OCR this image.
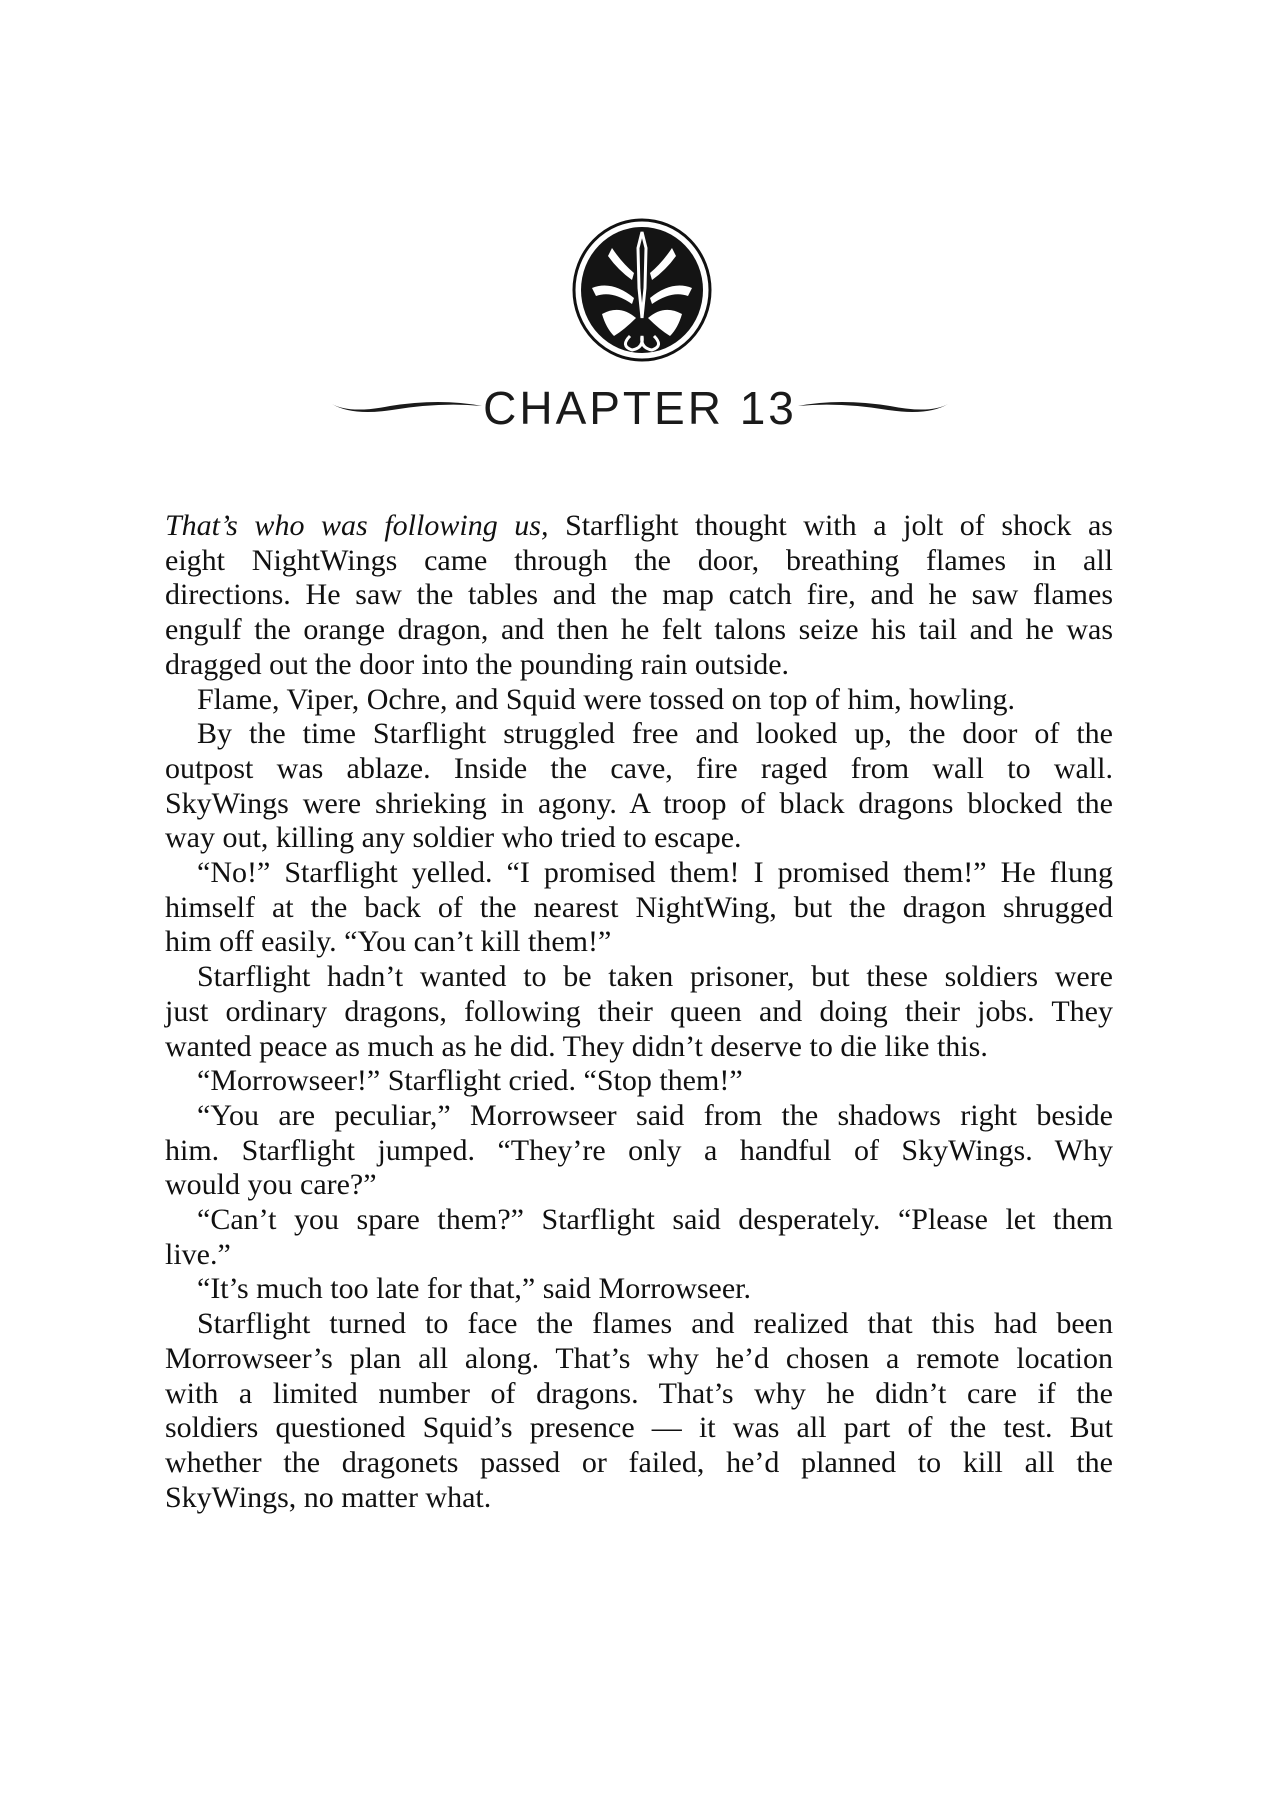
CHAPTER 13
That’s who was following us, Starflight thought with a jolt of shock as
eight NightWings came through the door, breathing flames in all
directions. He saw the tables and the map catch fire, and he saw flames
engulf the orange dragon, and then he felt talons seize his tail and he was
dragged out the door into the pounding rain outside.
Flame, Viper, Ochre, and Squid were tossed on top of him, howling.
By the time Starflight struggled free and looked up, the door of the
outpost was ablaze. Inside the cave, fire raged from wall to wall.
SkyWings were shrieking in agony. A troop of black dragons blocked the
way out, killing any soldier who tried to escape.
“No!” Starflight yelled. “I promised them! I promised them!” He flung
himself at the back of the nearest NightWing, but the dragon shrugged
him off easily. “You can’t kill them!”
Starflight hadn’t wanted to be taken prisoner, but these soldiers were
just ordinary dragons, following their queen and doing their jobs. They
wanted peace as much as he did. They didn’t deserve to die like this.
“Morrowseer!” Starflight cried. “Stop them!”
“You are peculiar,” Morrowseer said from the shadows right beside
him. Starflight jumped. “They’re only a handful of SkyWings. Why
would you care?”
“Can’t you spare them?” Starflight said desperately. “Please let them
live.”
“It’s much too late for that,” said Morrowseer.
Starflight turned to face the flames and realized that this had been
Morrowseer’s plan all along. That’s why he’d chosen a remote location
with a limited number of dragons. That’s why he didn’t care if the
soldiers questioned Squid’s presence — it was all part of the test. But
whether the dragonets passed or failed, he’d planned to kill all the
SkyWings, no matter what.
